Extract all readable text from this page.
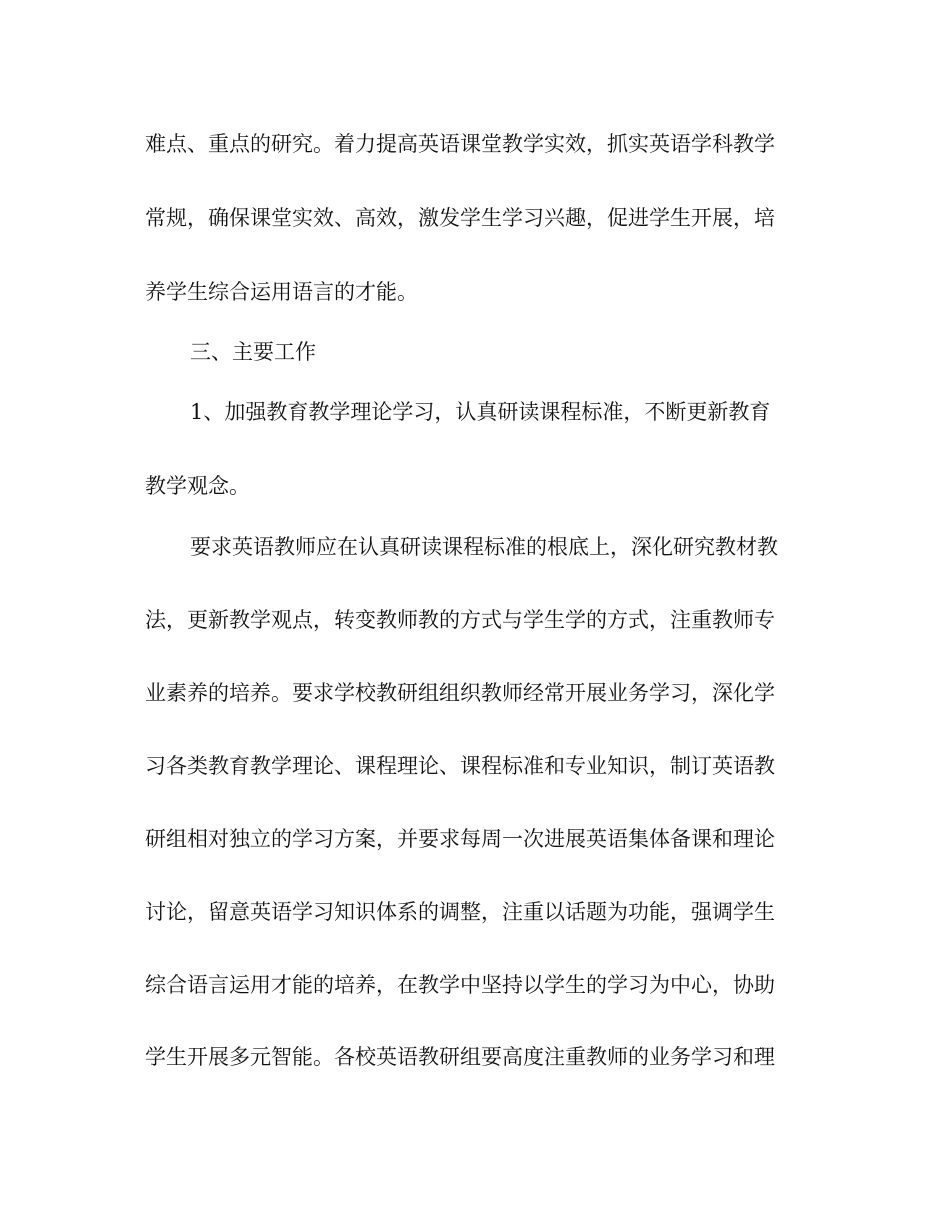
难点、重点的研究。着力提高英语课堂教学实效，抓实英语学科教学
常规，确保课堂实效、高效，激发学生学习兴趣，促进学生开展，培
养学生综合运用语言的才能。
三、主要工作
1、加强教育教学理论学习，认真研读课程标准，不断更新教育
教学观念。
要求英语教师应在认真研读课程标准的根底上，深化研究教材教
法，更新教学观点，转变教师教的方式与学生学的方式，注重教师专
业素养的培养。要求学校教研组组织教师经常开展业务学习，深化学
习各类教育教学理论、课程理论、课程标准和专业知识，制订英语教
研组相对独立的学习方案，并要求每周一次进展英语集体备课和理论
讨论，留意英语学习知识体系的调整，注重以话题为功能，强调学生
综合语言运用才能的培养，在教学中坚持以学生的学习为中心，协助
学生开展多元智能。各校英语教研组要高度注重教师的业务学习和理
